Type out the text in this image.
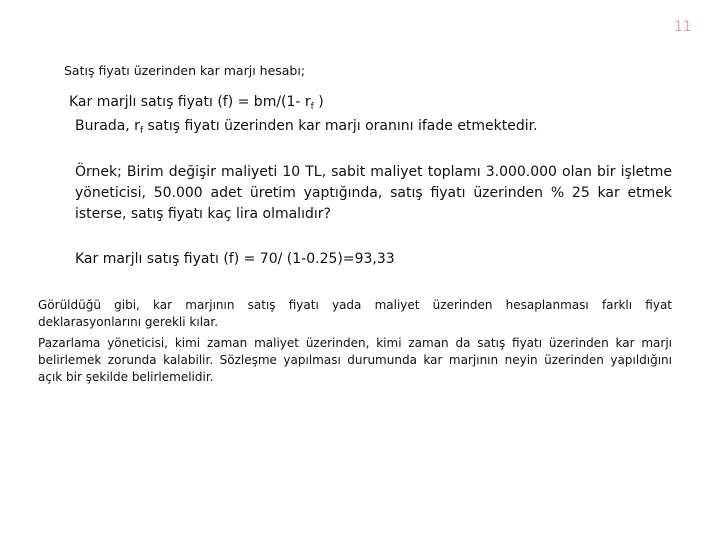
11
Satış fiyatı üzerinden kar marjı hesabı;
Kar marjlı satış fiyatı (f) = bm/(1- $r_f$ )
Burada, $r_f$ satış fiyatı üzerinden kar marjı oranını ifade etmektedir.
Örnek; Birim değişir maliyeti 10 TL, sabit maliyet toplamı 3.000.000 olan bir işletme yöneticisi, 50.000 adet üretim yaptığında, satış fiyatı üzerinden % 25 kar etmek isterse, satış fiyatı kaç lira olmalıdır?
Kar marjlı satış fiyatı (f) = 70/ (1-0.25)=93,33
Görüldüğü gibi, kar marjının satış fiyatı yada maliyet üzerinden hesaplanması farklı fiyat deklarasyonlarını gerekli kılar.
Pazarlama yöneticisi, kimi zaman maliyet üzerinden, kimi zaman da satış fiyatı üzerinden kar marjı belirlemek zorunda kalabilir. Sözleşme yapılması durumunda kar marjının neyin üzerinden yapıldığını açık bir şekilde belirlemelidir.
